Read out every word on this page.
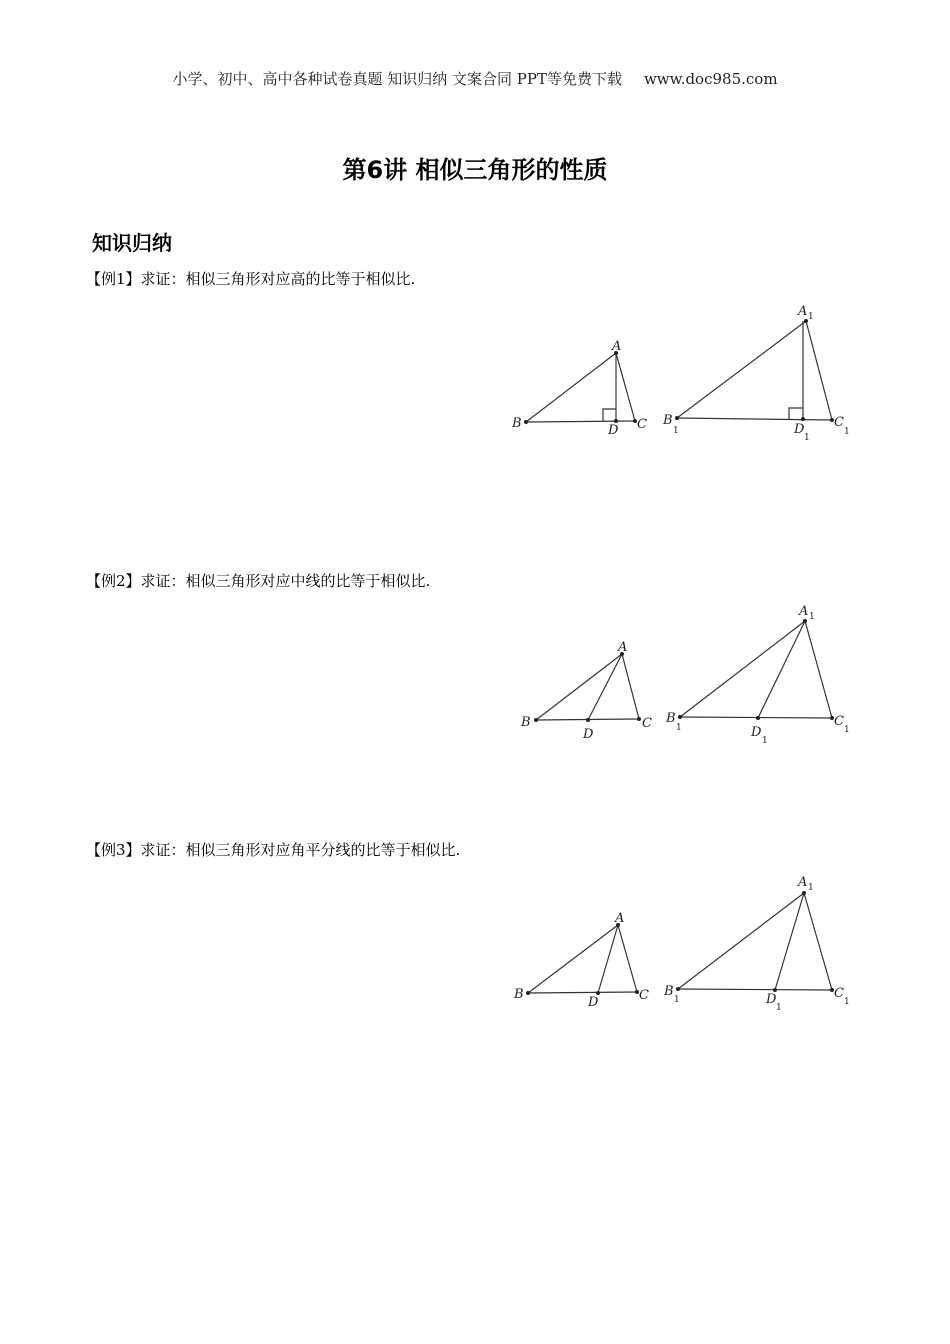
小学、初中、高中各种试卷真题 知识归纳 文案合同 PPT等免费下载 www.doc985.com
第6讲 相似三角形的性质
知识归纳
【例1】求证：相似三角形对应高的比等于相似比.
【例2】求证：相似三角形对应中线的比等于相似比.
【例3】求证：相似三角形对应角平分线的比等于相似比.
A
B	C
D
A 1
B
1
C
1
D
1
A
B	C
D
A 1
B
1	C
1
D
1
A
B	C
D
A 1
B
1	C
1
D
1
